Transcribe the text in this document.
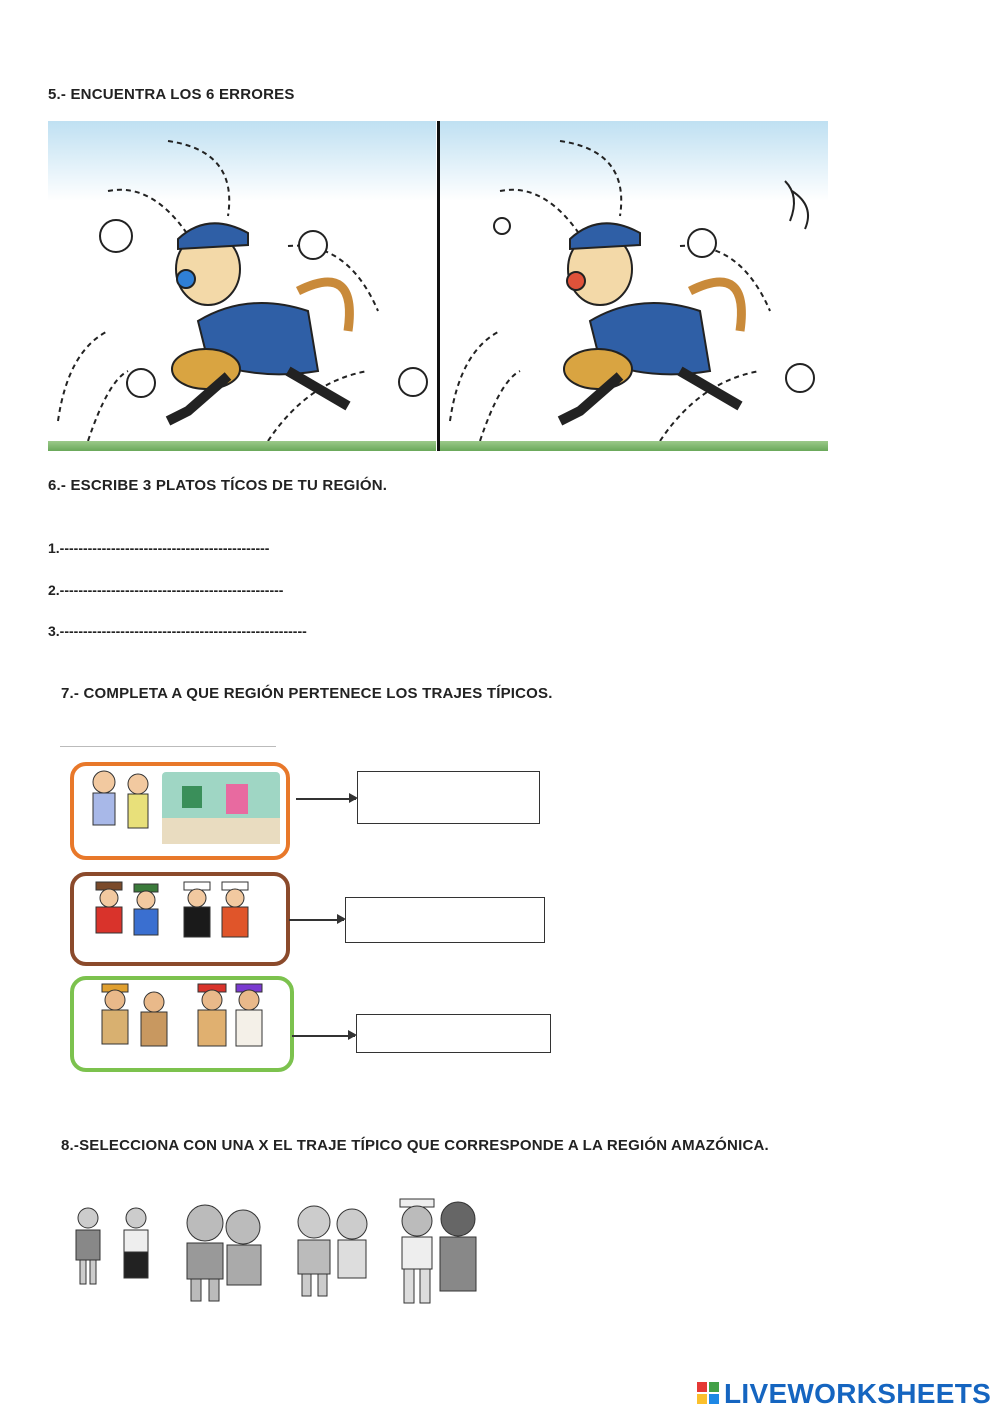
5.- ENCUENTRA LOS 6 ERRORES
6.- ESCRIBE 3 PLATOS TÍCOS DE TU REGIÓN.
1.---------------------------------------------
2.------------------------------------------------
3.-----------------------------------------------------
7.- COMPLETA A QUE REGIÓN PERTENECE LOS TRAJES TÍPICOS.
8.-SELECCIONA CON UNA X EL TRAJE TÍPICO QUE CORRESPONDE A LA REGIÓN AMAZÓNICA.
LIVEWORKSHEETS
